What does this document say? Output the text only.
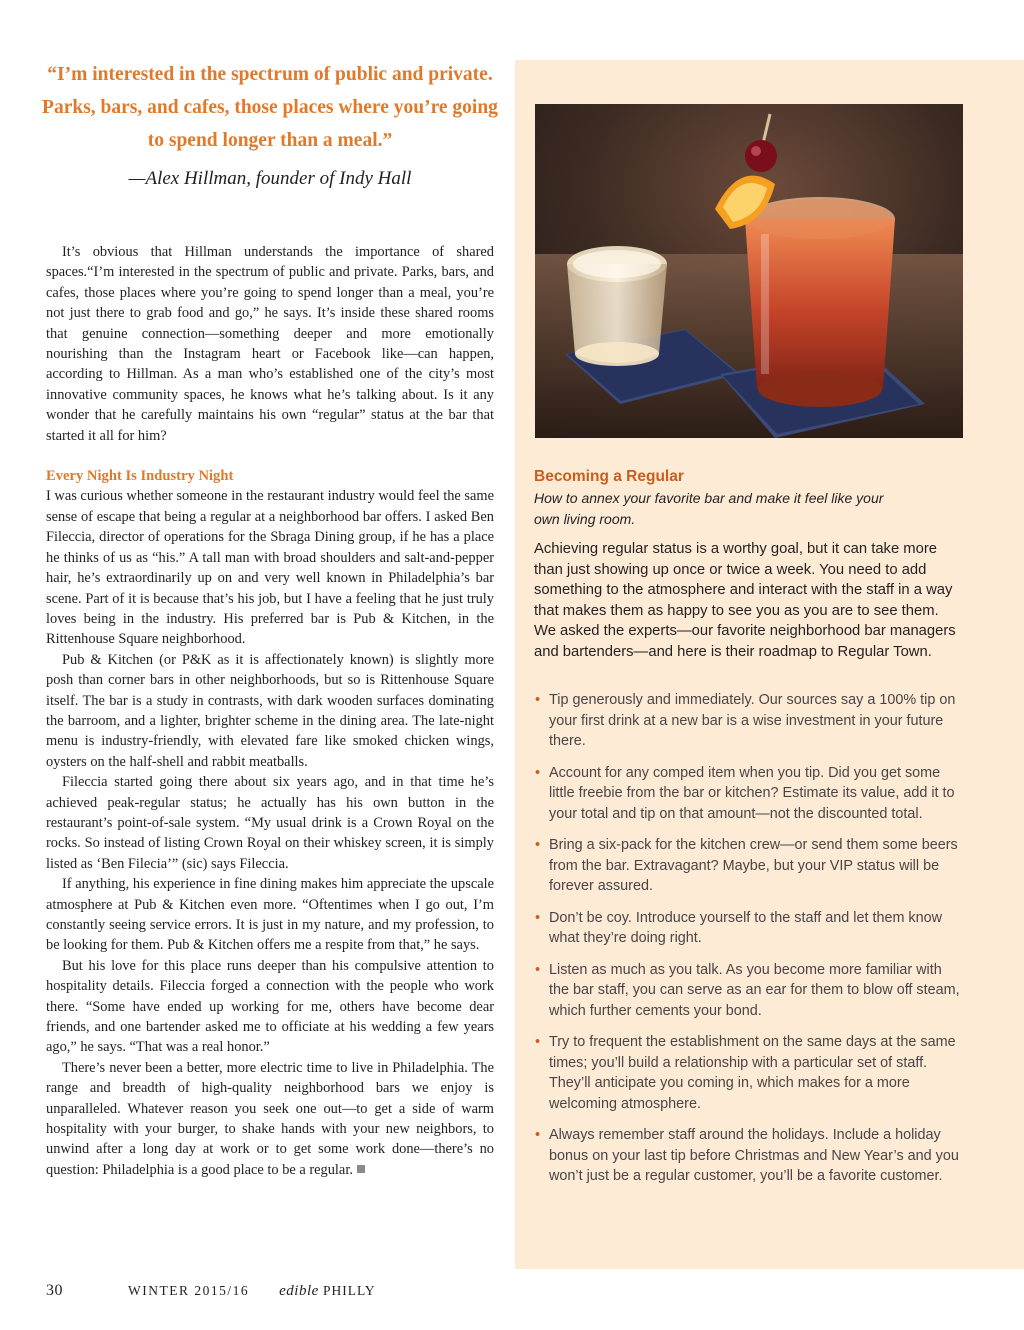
“I’m interested in the spectrum of public and private. Parks, bars, and cafes, those places where you’re going to spend longer than a meal.”

—Alex Hillman, founder of Indy Hall

It’s obvious that Hillman understands the importance of shared spaces.“I’m interested in the spectrum of public and private. Parks, bars, and cafes, those places where you’re going to spend longer than a meal, you’re not just there to grab food and go,” he says. It’s inside these shared rooms that genuine connection—something deeper and more emotionally nourishing than the Instagram heart or Facebook like—can happen, according to Hillman. As a man who’s established one of the city’s most innovative community spaces, he knows what he’s talking about. Is it any wonder that he carefully maintains his own “regular” status at the bar that started it all for him?

Every Night Is Industry Night

I was curious whether someone in the restaurant industry would feel the same sense of escape that being a regular at a neighborhood bar offers. I asked Ben Fileccia, director of operations for the Sbraga Dining group, if he has a place he thinks of us as “his.” A tall man with broad shoulders and salt-and-pepper hair, he’s extraordinarily up on and very well known in Philadelphia’s bar scene. Part of it is because that’s his job, but I have a feeling that he just truly loves being in the industry. His preferred bar is Pub & Kitchen, in the Rittenhouse Square neighborhood.

Pub & Kitchen (or P&K as it is affectionately known) is slightly more posh than corner bars in other neighborhoods, but so is Rittenhouse Square itself. The bar is a study in contrasts, with dark wooden surfaces dominating the barroom, and a lighter, brighter scheme in the dining area. The late-night menu is industry-friendly, with elevated fare like smoked chicken wings, oysters on the half-shell and rabbit meatballs.

Fileccia started going there about six years ago, and in that time he’s achieved peak-regular status; he actually has his own button in the restaurant’s point-of-sale system. “My usual drink is a Crown Royal on the rocks. So instead of listing Crown Royal on their whiskey screen, it is simply listed as ‘Ben Filecia’” (sic) says Fileccia.

If anything, his experience in fine dining makes him appreciate the upscale atmosphere at Pub & Kitchen even more. “Oftentimes when I go out, I’m constantly seeing service errors. It is just in my nature, and my profession, to be looking for them. Pub & Kitchen offers me a respite from that,” he says.

But his love for this place runs deeper than his compulsive attention to hospitality details. Fileccia forged a connection with the people who work there. “Some have ended up working for me, others have become dear friends, and one bartender asked me to officiate at his wedding a few years ago,” he says. “That was a real honor.”

There’s never been a better, more electric time to live in Philadelphia. The range and breadth of high-quality neighborhood bars we enjoy is unparalleled. Whatever reason you seek one out—to get a side of warm hospitality with your burger, to shake hands with your new neighbors, to unwind after a long day at work or to get some work done—there’s no question: Philadelphia is a good place to be a regular.

Becoming a Regular

How to annex your favorite bar and make it feel like your own living room.

Achieving regular status is a worthy goal, but it can take more than just showing up once or twice a week. You need to add something to the atmosphere and interact with the staff in a way that makes them as happy to see you as you are to see them. We asked the experts—our favorite neighborhood bar managers and bartenders—and here is their roadmap to Regular Town.

• Tip generously and immediately. Our sources say a 100% tip on your first drink at a new bar is a wise investment in your future there.
• Account for any comped item when you tip. Did you get some little freebie from the bar or kitchen? Estimate its value, add it to your total and tip on that amount—not the discounted total.
• Bring a six-pack for the kitchen crew—or send them some beers from the bar. Extravagant? Maybe, but your VIP status will be forever assured.
• Don’t be coy. Introduce yourself to the staff and let them know what they’re doing right.
• Listen as much as you talk. As you become more familiar with the bar staff, you can serve as an ear for them to blow off steam, which further cements your bond.
• Try to frequent the establishment on the same days at the same times; you’ll build a relationship with a particular set of staff. They’ll anticipate you coming in, which makes for a more welcoming atmosphere.
• Always remember staff around the holidays. Include a holiday bonus on your last tip before Christmas and New Year’s and you won’t just be a regular customer, you’ll be a favorite customer.
30	WINTER 2015/16 edible PHILLY
